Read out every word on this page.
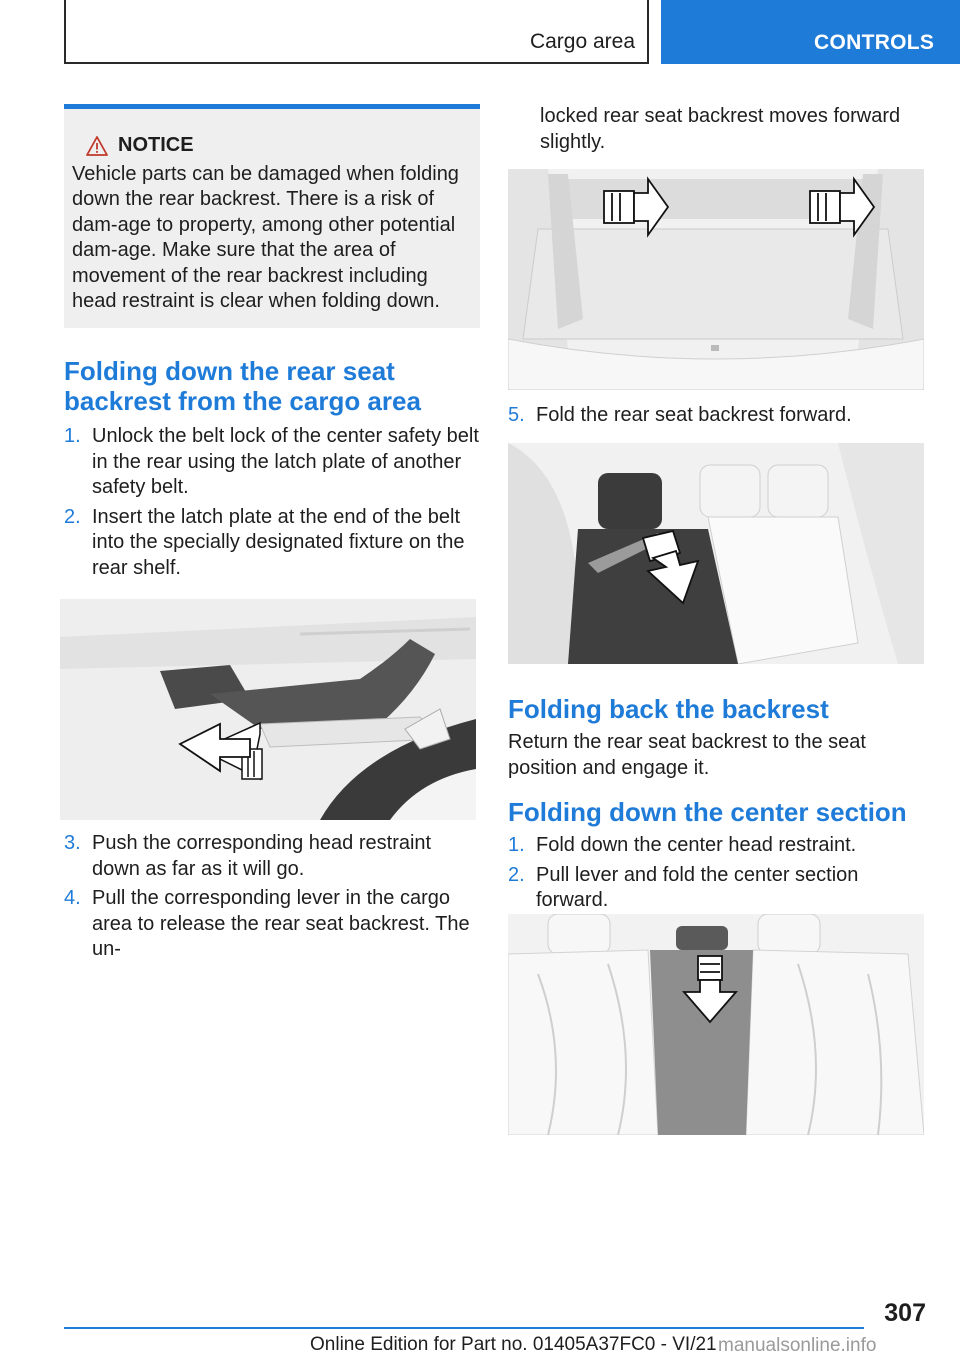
Cargo area	CONTROLS
NOTICE

Vehicle parts can be damaged when folding down the rear backrest. There is a risk of dam-age to property, among other potential dam-age. Make sure that the area of movement of the rear backrest including head restraint is clear when folding down.

Folding down the rear seat backrest from the cargo area
1. Unlock the belt lock of the center safety belt in the rear using the latch plate of another safety belt.
2. Insert the latch plate at the end of the belt into the specially designated fixture on the rear shelf.
3. Push the corresponding head restraint down as far as it will go.
4. Pull the corresponding lever in the cargo area to release the rear seat backrest. The un-

locked rear seat backrest moves forward slightly.

5. Fold the rear seat backrest forward.
Folding back the backrest

Return the rear seat backrest to the seat position and engage it.

Folding down the center section
1. Fold down the center head restraint.
2. Pull lever and fold the center section forward.
307
Online Edition for Part no. 01405A37FC0 - VI/21 manualsonline.info
